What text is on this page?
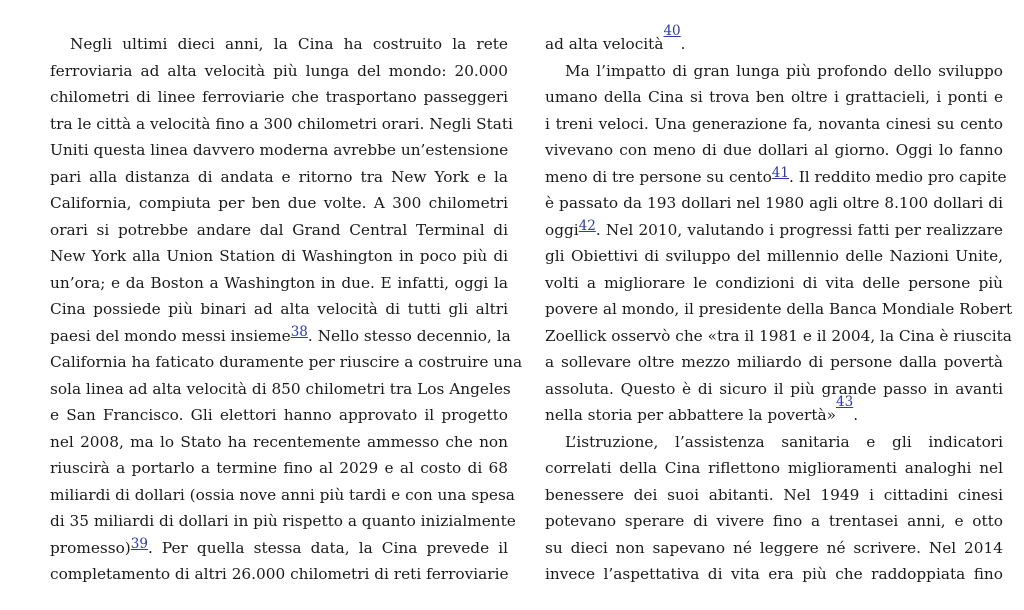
Negli ultimi dieci anni, la Cina ha costruito la rete
ferroviaria ad alta velocità più lunga del mondo: 20.000
chilometri di linee ferroviarie che trasportano passeggeri
tra le città a velocità fino a 300 chilometri orari. Negli Stati
Uniti questa linea davvero moderna avrebbe un’estensione
pari alla distanza di andata e ritorno tra New York e la
California, compiuta per ben due volte. A 300 chilometri
orari si potrebbe andare dal Grand Central Terminal di
New York alla Union Station di Washington in poco più di
un’ora; e da Boston a Washington in due. E infatti, oggi la
Cina possiede più binari ad alta velocità di tutti gli altri
paesi del mondo messi insieme38 . Nello stesso decennio, la
California ha faticato duramente per riuscire a costruire una
sola linea ad alta velocità di 850 chilometri tra Los Angeles
e San Francisco. Gli elettori hanno approvato il progetto
nel 2008, ma lo Stato ha recentemente ammesso che non
riuscirà a portarlo a termine fino al 2029 e al costo di 68
miliardi di dollari (ossia nove anni più tardi e con una spesa
di 35 miliardi di dollari in più rispetto a quanto inizialmente
promesso)39 . Per quella stessa data, la Cina prevede il
completamento di altri 26.000 chilometri di reti ferroviarie
ad alta velocità
40
.
Ma l’impatto di gran lunga più profondo dello sviluppo
umano della Cina si trova ben oltre i grattacieli, i ponti e
i treni veloci. Una generazione fa, novanta cinesi su cento
vivevano con meno di due dollari al giorno. Oggi lo fanno
meno di tre persone su cento41 . Il reddito medio pro capite
è passato da 193 dollari nel 1980 agli oltre 8.100 dollari di
oggi42 . Nel 2010, valutando i progressi fatti per realizzare
gli Obiettivi di sviluppo del millennio delle Nazioni Unite,
volti a migliorare le condizioni di vita delle persone più
povere al mondo, il presidente della Banca Mondiale Robert
Zoellick osservò che «tra il 1981 e il 2004, la Cina è riuscita
a sollevare oltre mezzo miliardo di persone dalla povertà
assoluta. Questo è di sicuro il più grande passo in avanti
nella storia per abbattere la povertà»
43
.
L’istruzione, l’assistenza sanitaria e gli indicatori
correlati della Cina riflettono miglioramenti analoghi nel
benessere dei suoi abitanti. Nel 1949 i cittadini cinesi
potevano sperare di vivere fino a trentasei anni, e otto
su dieci non sapevano né leggere né scrivere. Nel 2014
invece l’aspettativa di vita era più che raddoppiata fino
